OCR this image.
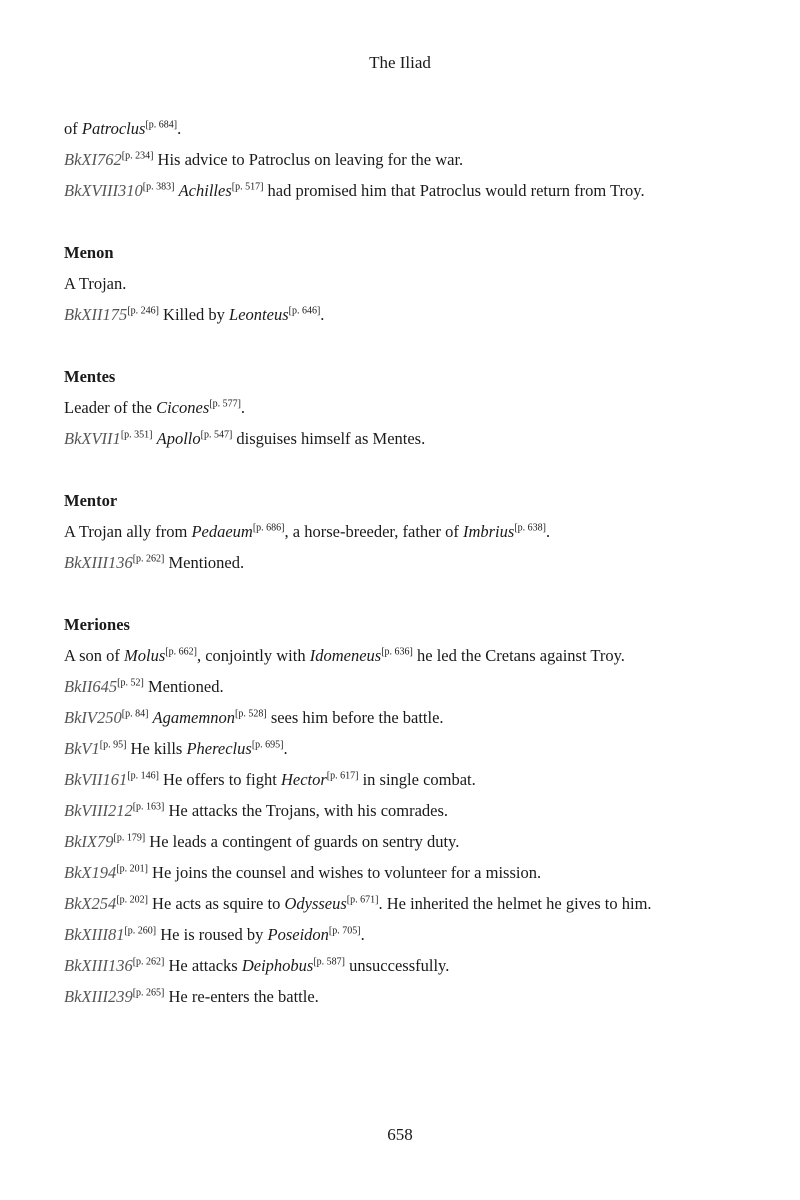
The Iliad

of Patroclus[p. 684].

BkXI762[p. 234] His advice to Patroclus on leaving for the war.

BkXVIII310[p. 383] Achilles[p. 517] had promised him that Patroclus would return from Troy.

Menon

A Trojan.

BkXII175[p. 246] Killed by Leonteus[p. 646].

Mentes

Leader of the Cicones[p. 577].

BkXVII1[p. 351] Apollo[p. 547] disguises himself as Mentes.

Mentor

A Trojan ally from Pedaeum[p. 686], a horse-breeder, father of Imbrius[p. 638].

BkXIII136[p. 262] Mentioned.

Meriones

A son of Molus[p. 662], conjointly with Idomeneus[p. 636] he led the Cretans against Troy.

BkII645[p. 52] Mentioned.

BkIV250[p. 84] Agamemnon[p. 528] sees him before the battle.

BkV1[p. 95] He kills Phereclus[p. 695].

BkVII161[p. 146] He offers to fight Hector[p. 617] in single combat.

BkVIII212[p. 163] He attacks the Trojans, with his comrades.

BkIX79[p. 179] He leads a contingent of guards on sentry duty.

BkX194[p. 201] He joins the counsel and wishes to volunteer for a mission.

BkX254[p. 202] He acts as squire to Odysseus[p. 671]. He inherited the helmet he gives to him.

BkXIII81[p. 260] He is roused by Poseidon[p. 705].

BkXIII136[p. 262] He attacks Deiphobus[p. 587] unsuccessfully.

BkXIII239[p. 265] He re-enters the battle.

658
